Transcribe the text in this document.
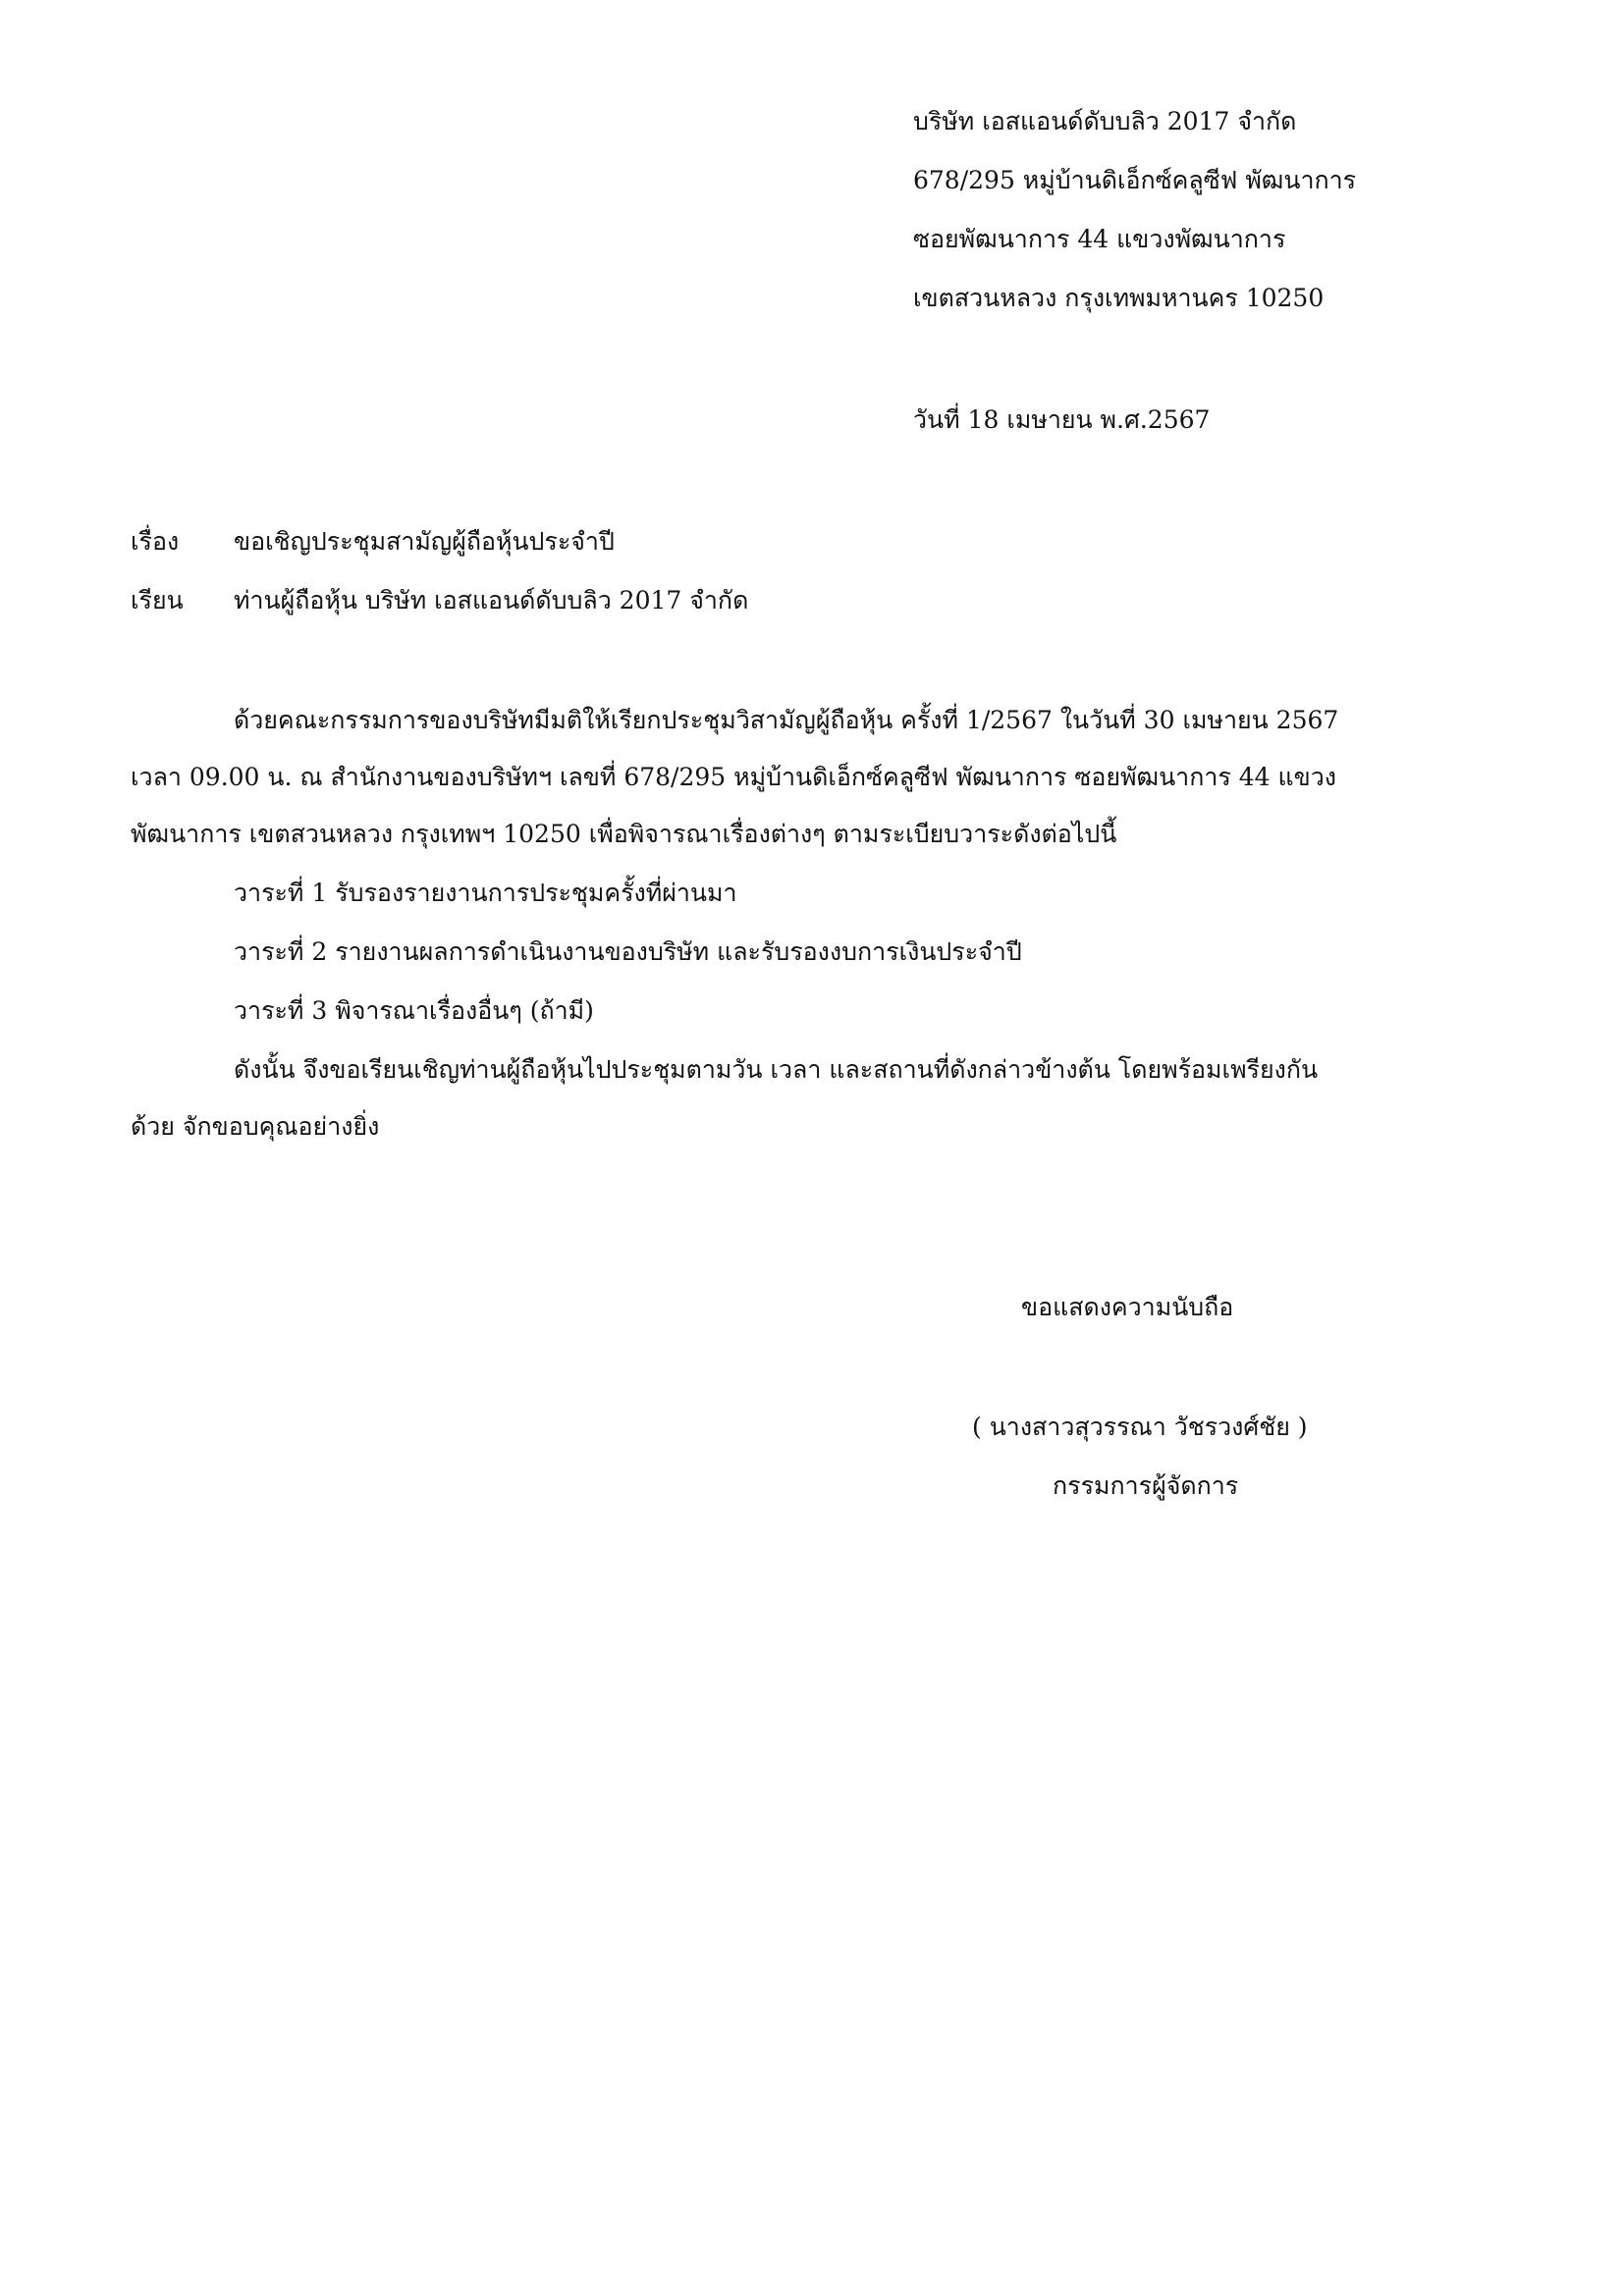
บริษัท เอสแอนด์ดับบลิว 2017 จำกัด
678/295 หมู่บ้านดิเอ็กซ์คลูซีฟ พัฒนาการ
ซอยพัฒนาการ 44 แขวงพัฒนาการ
เขตสวนหลวง กรุงเทพมหานคร 10250
วันที่ 18 เมษายน พ.ศ.2567
เรื่อง ขอเชิญประชุมสามัญผู้ถือหุ้นประจำปี
เรียน ท่านผู้ถือหุ้น บริษัท เอสแอนด์ดับบลิว 2017 จำกัด
ด้วยคณะกรรมการของบริษัทมีมติให้เรียกประชุมวิสามัญผู้ถือหุ้น ครั้งที่ 1/2567 ในวันที่ 30 เมษายน 2567
เวลา 09.00 น. ณ สำนักงานของบริษัทฯ เลขที่ 678/295 หมู่บ้านดิเอ็กซ์คลูซีฟ พัฒนาการ ซอยพัฒนาการ 44 แขวง
พัฒนาการ เขตสวนหลวง กรุงเทพฯ 10250 เพื่อพิจารณาเรื่องต่างๆ ตามระเบียบวาระดังต่อไปนี้
วาระที่ 1 รับรองรายงานการประชุมครั้งที่ผ่านมา
วาระที่ 2 รายงานผลการดำเนินงานของบริษัท และรับรองงบการเงินประจำปี
วาระที่ 3 พิจารณาเรื่องอื่นๆ (ถ้ามี)
ดังนั้น จึงขอเรียนเชิญท่านผู้ถือหุ้นไปประชุมตามวัน เวลา และสถานที่ดังกล่าวข้างต้น โดยพร้อมเพรียงกัน
ด้วย จักขอบคุณอย่างยิ่ง
ขอแสดงความนับถือ
( นางสาวสุวรรณา วัชรวงศ์ชัย )
กรรมการผู้จัดการ
